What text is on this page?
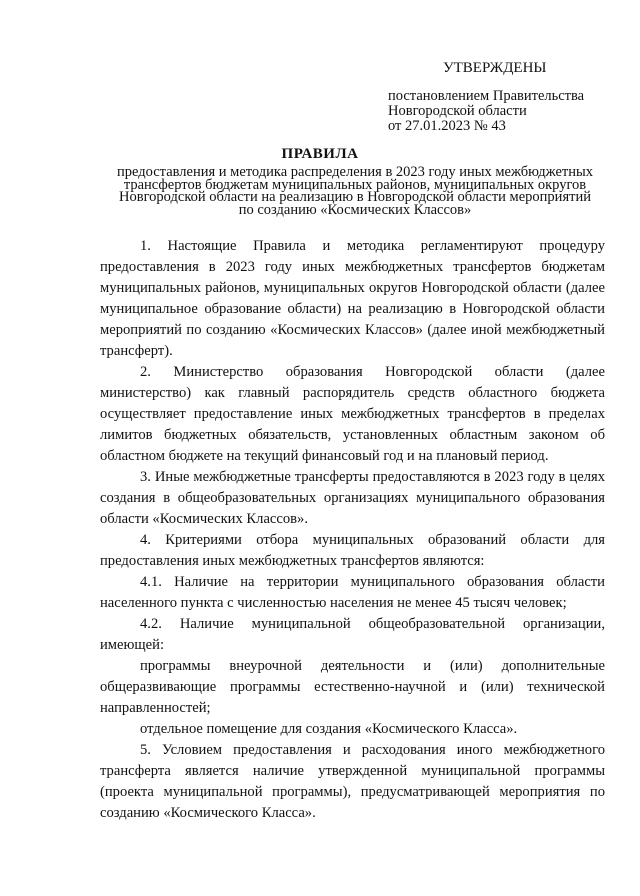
УТВЕРЖДЕНЫ
постановлением Правительства
Новгородской области
от 27.01.2023 № 43
ПРАВИЛА
предоставления и методика распределения в 2023 году иных межбюджетных
трансфертов бюджетам муниципальных районов, муниципальных округов
Новгородской области на реализацию в Новгородской области мероприятий
по созданию «Космических Классов»

1. Настоящие Правила и методика регламентируют процедуру предоставления в 2023 году иных межбюджетных трансфертов бюджетам муниципальных районов, муниципальных округов Новгородской области (далее муниципальное образование области) на реализацию в Новгородской области мероприятий по созданию «Космических Классов» (далее иной межбюджетный трансферт).

2. Министерство образования Новгородской области (далее министерство) как главный распорядитель средств областного бюджета осуществляет предоставление иных межбюджетных трансфертов в пределах лимитов бюджетных обязательств, установленных областным законом об областном бюджете на текущий финансовый год и на плановый период.

3. Иные межбюджетные трансферты предоставляются в 2023 году в целях создания в общеобразовательных организациях муниципального образования области «Космических Классов».

4. Критериями отбора муниципальных образований области для предоставления иных межбюджетных трансфертов являются:

4.1. Наличие на территории муниципального образования области населенного пункта с численностью населения не менее 45 тысяч человек;

4.2. Наличие муниципальной общеобразовательной организации, имеющей:

программы внеурочной деятельности и (или) дополнительные общеразвивающие программы естественно-научной и (или) технической направленностей;

отдельное помещение для создания «Космического Класса».

5. Условием предоставления и расходования иного межбюджетного трансферта является наличие утвержденной муниципальной программы (проекта муниципальной программы), предусматривающей мероприятия по созданию «Космического Класса».
